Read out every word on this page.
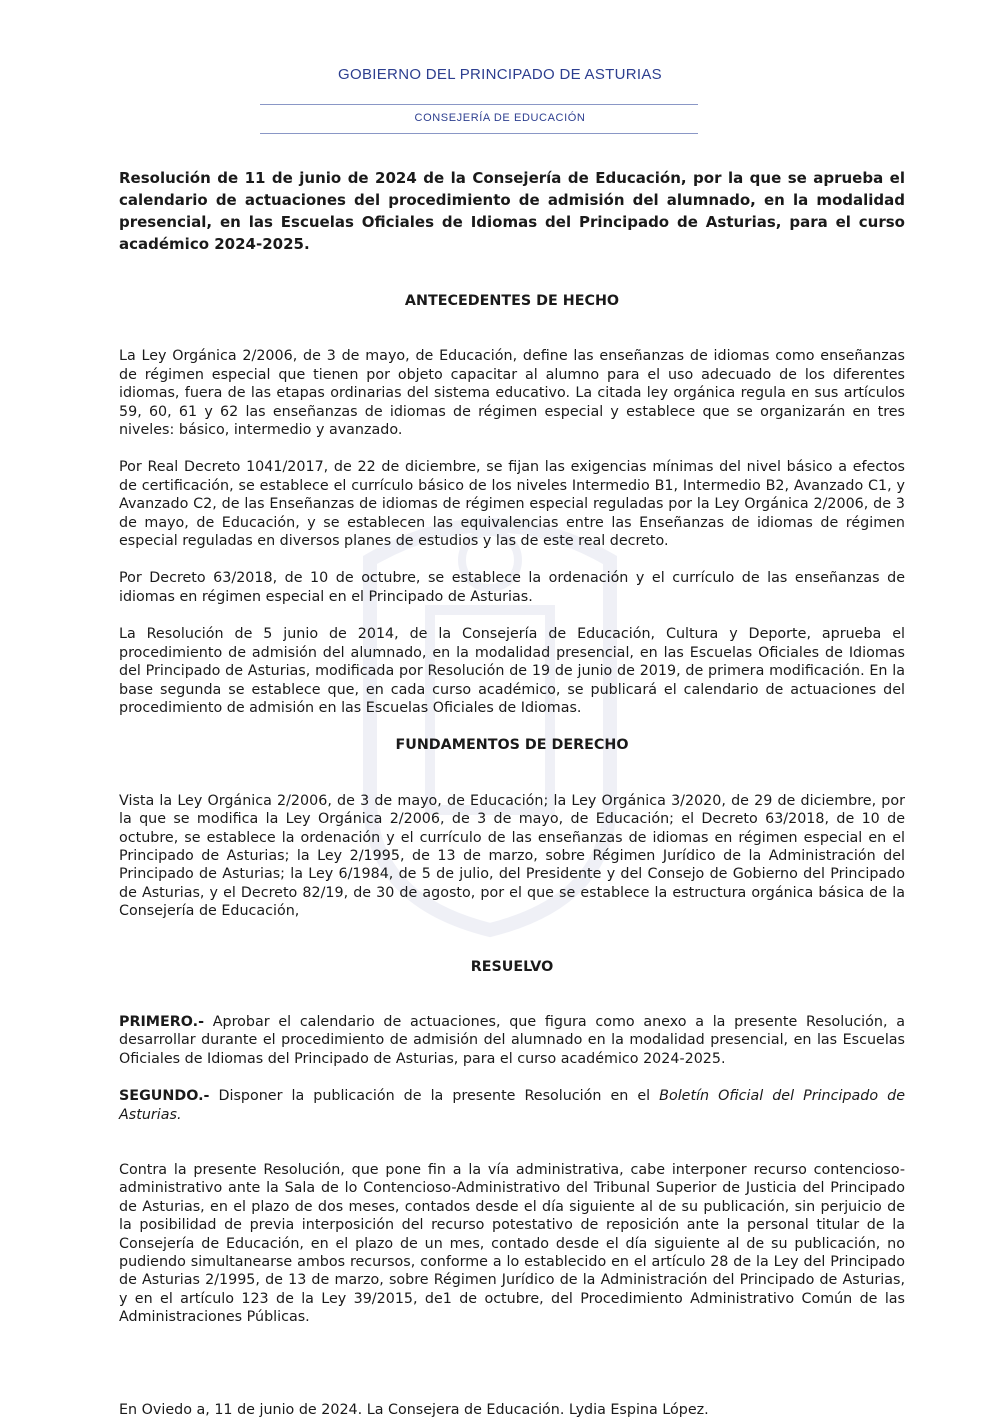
GOBIERNO DEL PRINCIPADO DE ASTURIAS
CONSEJERÍA DE EDUCACIÓN

Resolución de 11 de junio de 2024 de la Consejería de Educación, por la que se aprueba el calendario de actuaciones del procedimiento de admisión del alumnado, en la modalidad presencial, en las Escuelas Oficiales de Idiomas del Principado de Asturias, para el curso académico 2024-2025.

ANTECEDENTES DE HECHO

La Ley Orgánica 2/2006, de 3 de mayo, de Educación, define las enseñanzas de idiomas como enseñanzas de régimen especial que tienen por objeto capacitar al alumno para el uso adecuado de los diferentes idiomas, fuera de las etapas ordinarias del sistema educativo. La citada ley orgánica regula en sus artículos 59, 60, 61 y 62 las enseñanzas de idiomas de régimen especial y establece que se organizarán en tres niveles: básico, intermedio y avanzado.

Por Real Decreto 1041/2017, de 22 de diciembre, se fijan las exigencias mínimas del nivel básico a efectos de certificación, se establece el currículo básico de los niveles Intermedio B1, Intermedio B2, Avanzado C1, y Avanzado C2, de las Enseñanzas de idiomas de régimen especial reguladas por la Ley Orgánica 2/2006, de 3 de mayo, de Educación, y se establecen las equivalencias entre las Enseñanzas de idiomas de régimen especial reguladas en diversos planes de estudios y las de este real decreto.

Por Decreto 63/2018, de 10 de octubre, se establece la ordenación y el currículo de las enseñanzas de idiomas en régimen especial en el Principado de Asturias.

La Resolución de 5 junio de 2014, de la Consejería de Educación, Cultura y Deporte, aprueba el procedimiento de admisión del alumnado, en la modalidad presencial, en las Escuelas Oficiales de Idiomas del Principado de Asturias, modificada por Resolución de 19 de junio de 2019, de primera modificación. En la base segunda se establece que, en cada curso académico, se publicará el calendario de actuaciones del procedimiento de admisión en las Escuelas Oficiales de Idiomas.

FUNDAMENTOS DE DERECHO

Vista la Ley Orgánica 2/2006, de 3 de mayo, de Educación; la Ley Orgánica 3/2020, de 29 de diciembre, por la que se modifica la Ley Orgánica 2/2006, de 3 de mayo, de Educación; el Decreto 63/2018, de 10 de octubre, se establece la ordenación y el currículo de las enseñanzas de idiomas en régimen especial en el Principado de Asturias; la Ley 2/1995, de 13 de marzo, sobre Régimen Jurídico de la Administración del Principado de Asturias; la Ley 6/1984, de 5 de julio, del Presidente y del Consejo de Gobierno del Principado de Asturias, y el Decreto 82/19, de 30 de agosto, por el que se establece la estructura orgánica básica de la Consejería de Educación,

RESUELVO

PRIMERO.- Aprobar el calendario de actuaciones, que figura como anexo a la presente Resolución, a desarrollar durante el procedimiento de admisión del alumnado en la modalidad presencial, en las Escuelas Oficiales de Idiomas del Principado de Asturias, para el curso académico 2024-2025.

SEGUNDO.- Disponer la publicación de la presente Resolución en el Boletín Oficial del Principado de Asturias.

Contra la presente Resolución, que pone fin a la vía administrativa, cabe interponer recurso contencioso-administrativo ante la Sala de lo Contencioso-Administrativo del Tribunal Superior de Justicia del Principado de Asturias, en el plazo de dos meses, contados desde el día siguiente al de su publicación, sin perjuicio de la posibilidad de previa interposición del recurso potestativo de reposición ante la personal titular de la Consejería de Educación, en el plazo de un mes, contado desde el día siguiente al de su publicación, no pudiendo simultanearse ambos recursos, conforme a lo establecido en el artículo 28 de la Ley del Principado de Asturias 2/1995, de 13 de marzo, sobre Régimen Jurídico de la Administración del Principado de Asturias, y en el artículo 123 de la Ley 39/2015, de1 de octubre, del Procedimiento Administrativo Común de las Administraciones Públicas.

En Oviedo a, 11 de junio de 2024. La Consejera de Educación. Lydia Espina López.
